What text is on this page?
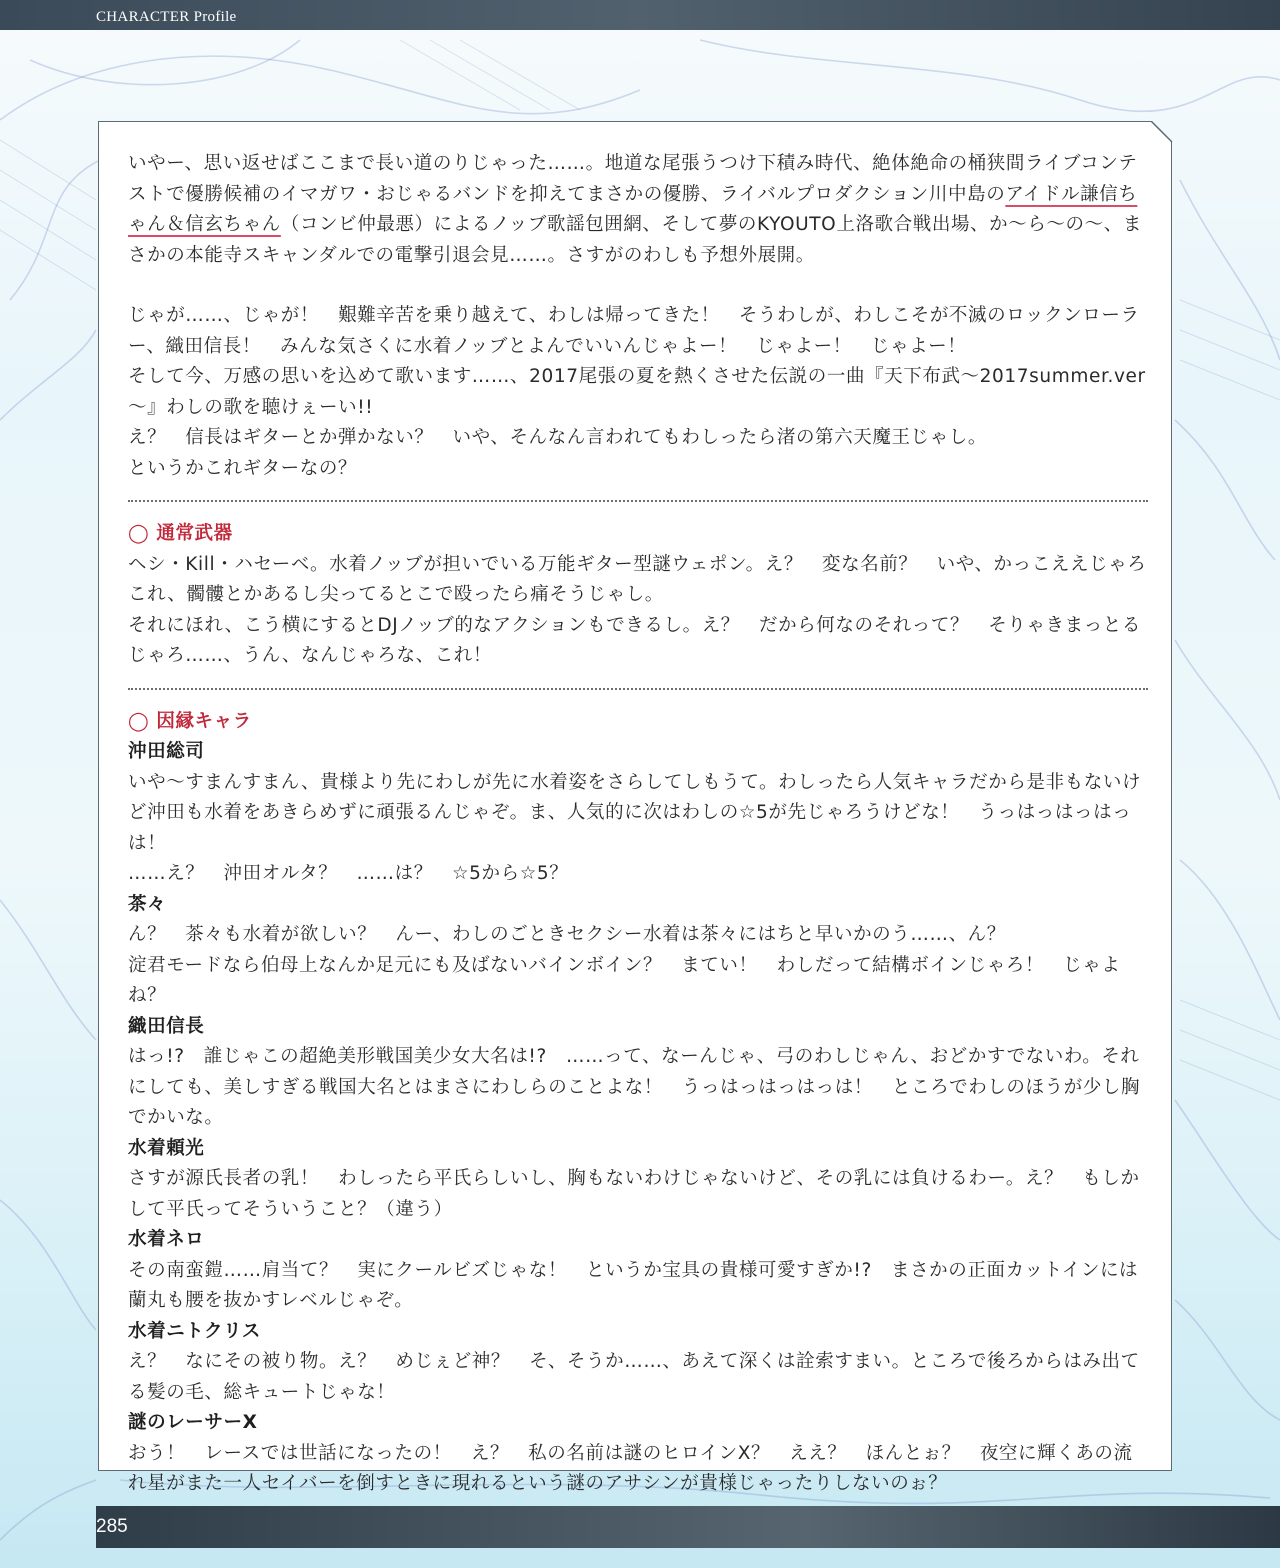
CHARACTER Profile

いやー、思い返せばここまで長い道のりじゃった……。地道な尾張うつけ下積み時代、絶体絶命の桶狭間ライブコンテストで優勝候補のイマガワ・おじゃるバンドを抑えてまさかの優勝、ライバルプロダクション川中島のアイドル謙信ちゃん＆信玄ちゃん（コンビ仲最悪）によるノッブ歌謡包囲網、そして夢のKYOUTO上洛歌合戦出場、か～ら～の～、まさかの本能寺スキャンダルでの電撃引退会見……。さすがのわしも予想外展開。

じゃが……、じゃが！　艱難辛苦を乗り越えて、わしは帰ってきた！　そうわしが、わしこそが不滅のロックンローラー、織田信長！　みんな気さくに水着ノッブとよんでいいんじゃよー！　じゃよー！　じゃよー！

そして今、万感の思いを込めて歌います……、2017尾張の夏を熱くさせた伝説の一曲『天下布武～2017summer.ver～』わしの歌を聴けぇーい!!

え？　信長はギターとか弾かない？　いや、そんなん言われてもわしったら渚の第六天魔王じゃし。

というかこれギターなの？

◯ 通常武器

ヘシ・Kill・ハセーベ。水着ノッブが担いでいる万能ギター型謎ウェポン。え？　変な名前？　いや、かっこええじゃろこれ、髑髏とかあるし尖ってるとこで殴ったら痛そうじゃし。

それにほれ、こう横にするとDJノッブ的なアクションもできるし。え？　だから何なのそれって？　そりゃきまっとるじゃろ……、うん、なんじゃろな、これ！

◯ 因縁キャラ

沖田総司

いや～すまんすまん、貴様より先にわしが先に水着姿をさらしてしもうて。わしったら人気キャラだから是非もないけど沖田も水着をあきらめずに頑張るんじゃぞ。ま、人気的に次はわしの☆5が先じゃろうけどな！　うっはっはっはっは！

……え？　沖田オルタ？　……は？　☆5から☆5？

茶々

ん？　茶々も水着が欲しい？　んー、わしのごときセクシー水着は茶々にはちと早いかのう……、ん？

淀君モードなら伯母上なんか足元にも及ばないバインボイン？　まてい！　わしだって結構ボインじゃろ！　じゃよね？

織田信長

はっ!?　誰じゃこの超絶美形戦国美少女大名は!?　……って、なーんじゃ、弓のわしじゃん、おどかすでないわ。それにしても、美しすぎる戦国大名とはまさにわしらのことよな！　うっはっはっはっは！　ところでわしのほうが少し胸でかいな。

水着頼光

さすが源氏長者の乳！　わしったら平氏らしいし、胸もないわけじゃないけど、その乳には負けるわー。え？　もしかして平氏ってそういうこと？（違う）

水着ネロ

その南蛮鎧……肩当て？　実にクールビズじゃな！　というか宝具の貴様可愛すぎか!?　まさかの正面カットインには蘭丸も腰を抜かすレベルじゃぞ。

水着ニトクリス

え？　なにその被り物。え？　めじぇど神？　そ、そうか……、あえて深くは詮索すまい。ところで後ろからはみ出てる髪の毛、総キュートじゃな！

謎のレーサーX

おう！　レースでは世話になったの！　え？　私の名前は謎のヒロインX？　ええ？　ほんとぉ？　夜空に輝くあの流れ星がまた一人セイバーを倒すときに現れるという謎のアサシンが貴様じゃったりしないのぉ？

285
